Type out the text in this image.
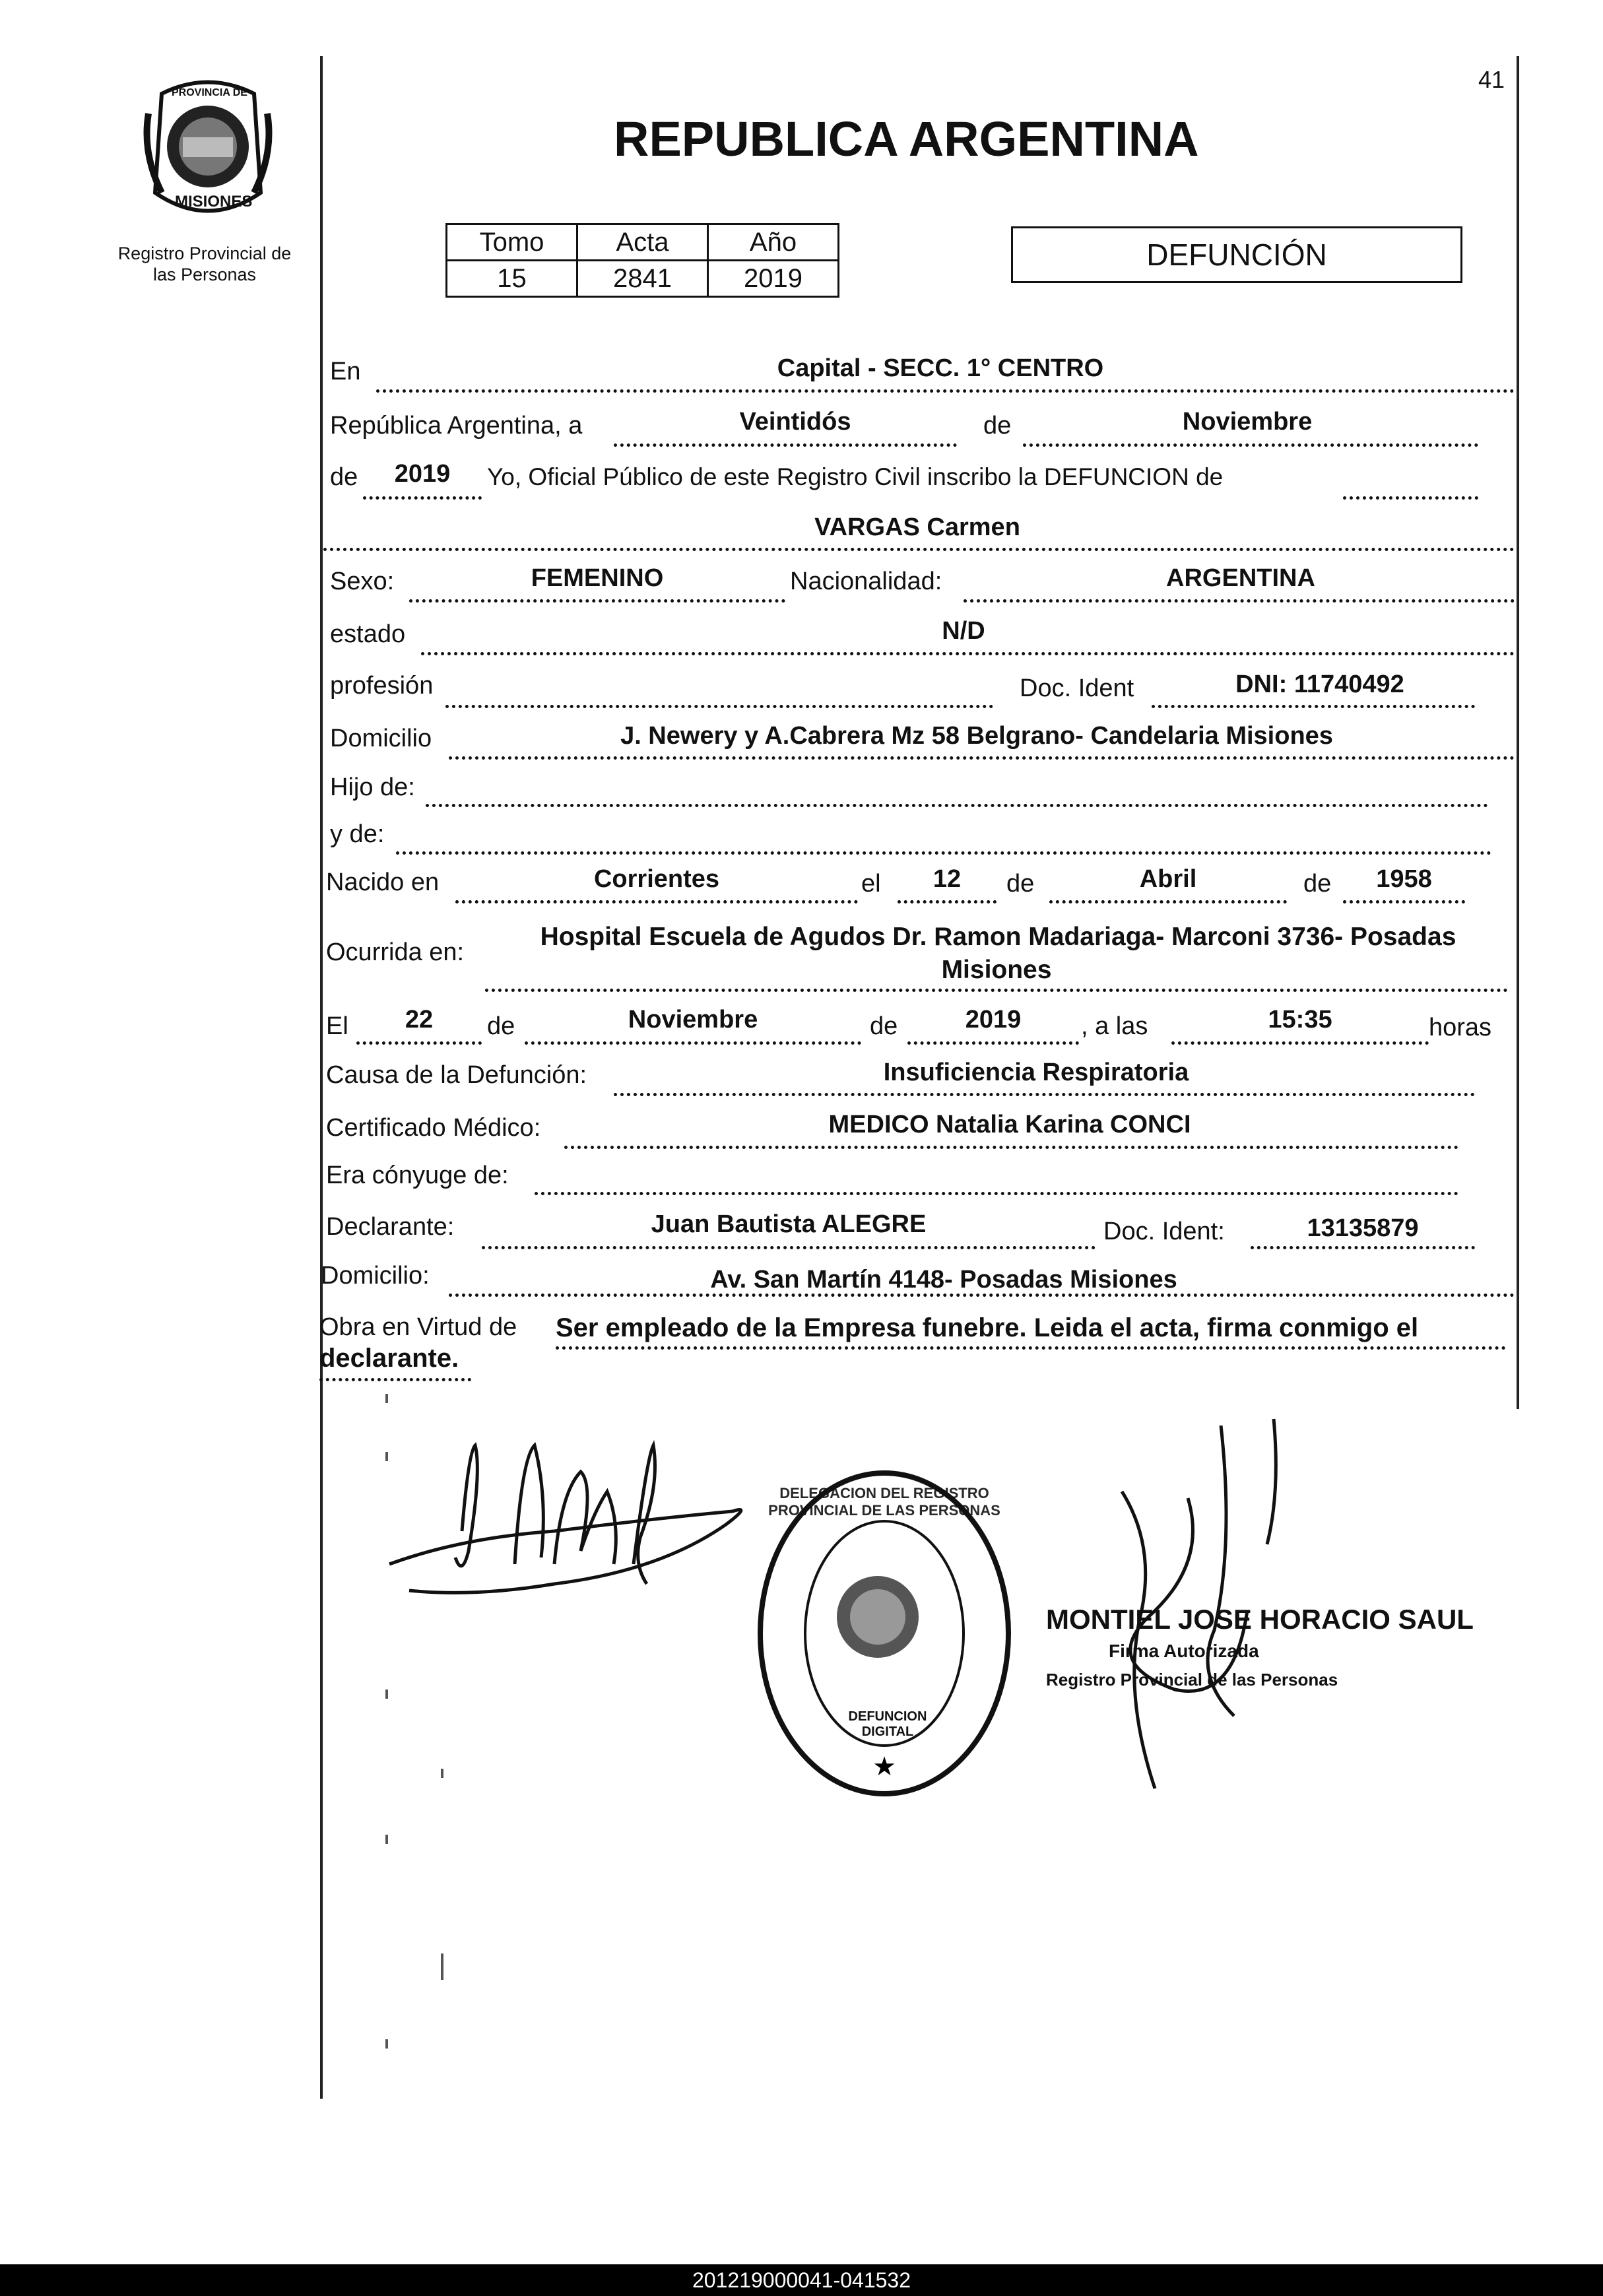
41
PROVINCIA DE
MISIONES
Registro Provincial de
las Personas
REPUBLICA ARGENTINA
Tomo	Acta	Año
15	2841	2019
DEFUNCIÓN
En	Capital - SECC. 1° CENTRO
República Argentina, a	Veintidós	de	Noviembre
de	2019	Yo, Oficial Público de este Registro Civil inscribo la DEFUNCION de
VARGAS Carmen
Sexo:	FEMENINO	Nacionalidad:	ARGENTINA
estado	N/D
profesión	Doc. Ident	DNI: 11740492
Domicilio	J. Newery y A.Cabrera Mz 58 Belgrano- Candelaria Misiones
Hijo de:
y de:
Nacido en	Corrientes	el	12	de	Abril	de	1958
Ocurrida en:
Hospital Escuela de Agudos Dr. Ramon Madariaga- Marconi 3736- Posadas
Misiones
El	22	de	Noviembre	de	2019	, a las	15:35	horas
Causa de la Defunción:	Insuficiencia Respiratoria
Certificado Médico:	MEDICO Natalia Karina CONCI
Era cónyuge de:
Declarante:	Juan Bautista ALEGRE	Doc. Ident:	13135879
Domicilio:	Av. San Martín 4148- Posadas Misiones
Obra en Virtud de Ser empleado de la Empresa funebre. Leida el acta, firma conmigo el
declarante.
★
DELEGACION DEL REGISTRO PROVINCIAL DE LAS PERSONAS
DEFUNCION DIGITAL
MONTIEL JOSE HORACIO SAUL
Firma Autorizada
Registro Provincial de las Personas
201219000041-041532
